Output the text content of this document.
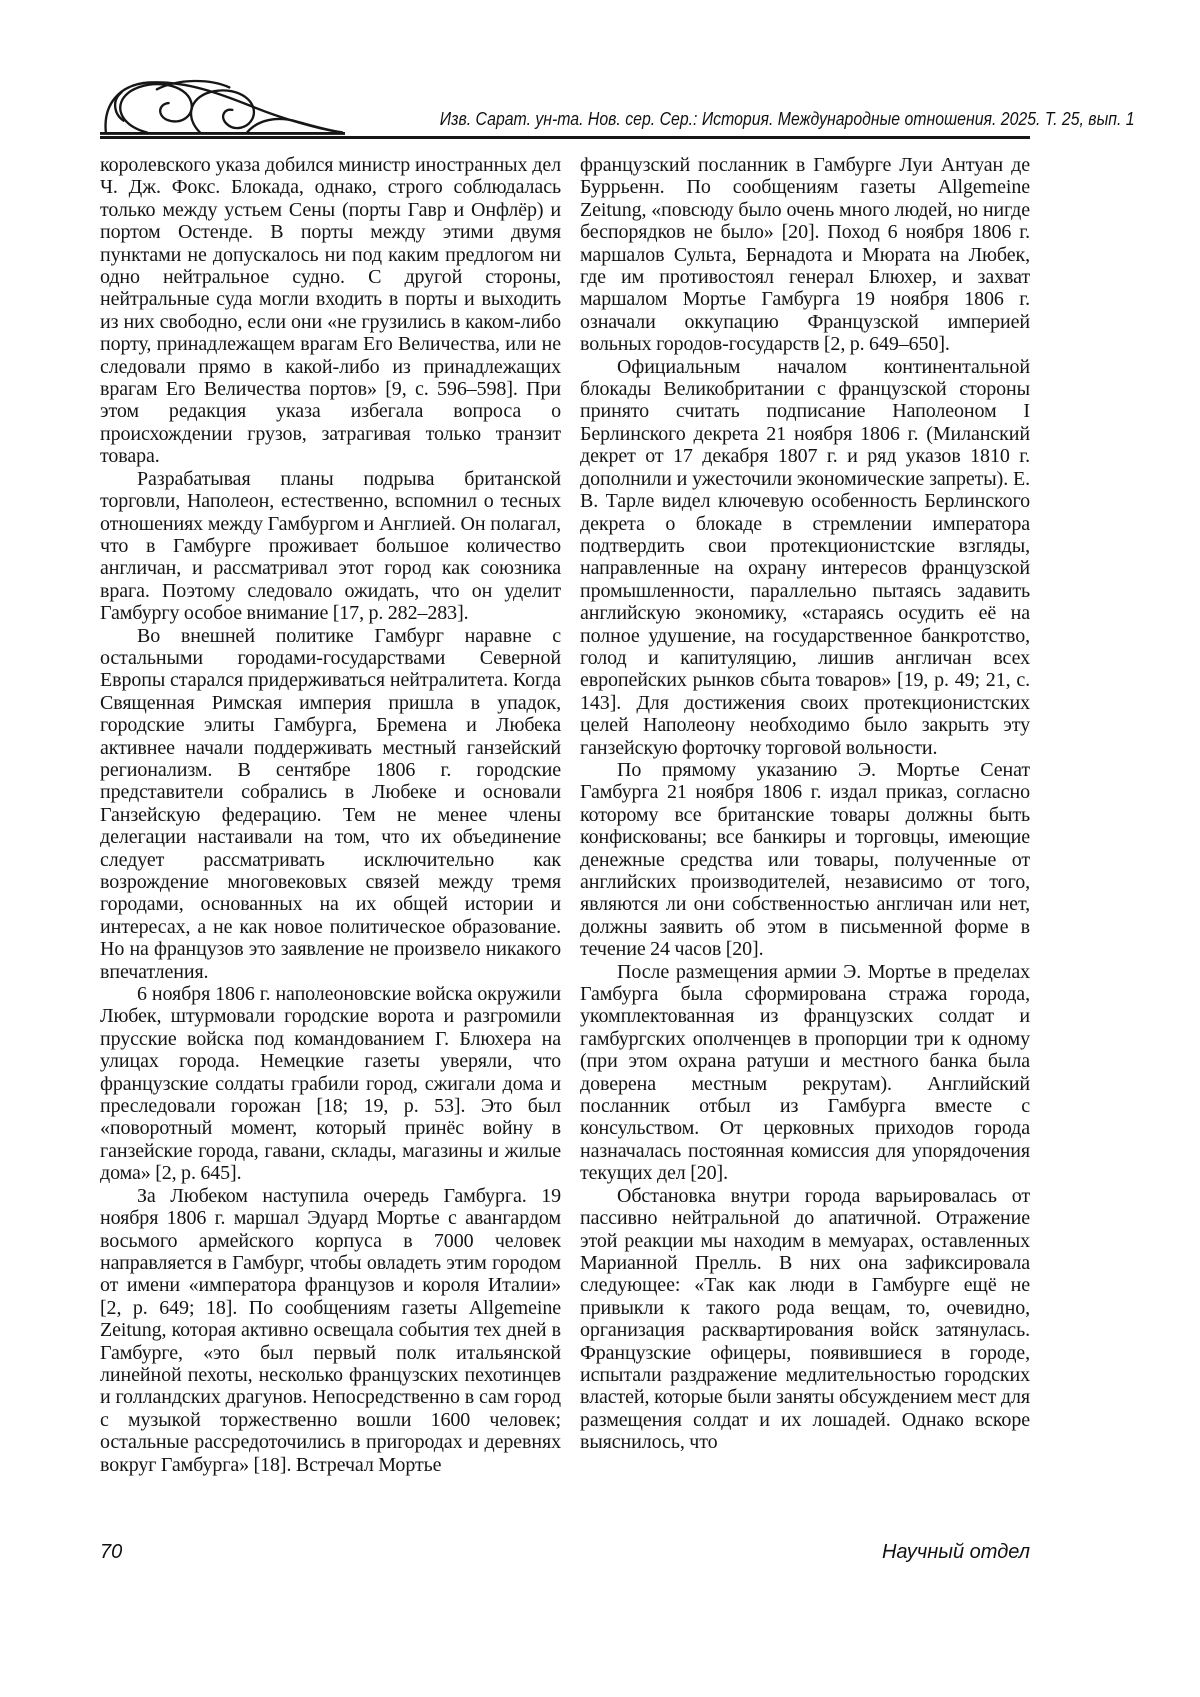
Изв. Сарат. ун-та. Нов. сер. Сер.: История. Международные отношения. 2025. Т. 25, вып. 1

королевского указа добился министр иностранных дел Ч. Дж. Фокс. Блокада, однако, строго соблюдалась только между устьем Сены (порты Гавр и Онфлёр) и портом Остенде. В порты между этими двумя пунктами не допускалось ни под каким предлогом ни одно нейтральное судно. С другой стороны, нейтральные суда могли входить в порты и выходить из них свободно, если они «не грузились в каком-либо порту, принадлежащем врагам Его Величества, или не следовали прямо в какой-либо из принадлежащих врагам Его Величества портов» [9, с. 596–598]. При этом редакция указа избегала вопроса о происхождении грузов, затрагивая только транзит товара.

Разрабатывая планы подрыва британской торговли, Наполеон, естественно, вспомнил о тесных отношениях между Гамбургом и Англией. Он полагал, что в Гамбурге проживает большое количество англичан, и рассматривал этот город как союзника врага. Поэтому следовало ожидать, что он уделит Гамбургу особое внимание [17, p. 282–283].

Во внешней политике Гамбург наравне с остальными городами-государствами Северной Европы старался придерживаться нейтралитета. Когда Священная Римская империя пришла в упадок, городские элиты Гамбурга, Бремена и Любека активнее начали поддерживать местный ганзейский регионализм. В сентябре 1806 г. городские представители собрались в Любеке и основали Ганзейскую федерацию. Тем не менее члены делегации настаивали на том, что их объединение следует рассматривать исключительно как возрождение многовековых связей между тремя городами, основанных на их общей истории и интересах, а не как новое политическое образование. Но на французов это заявление не произвело никакого впечатления.

6 ноября 1806 г. наполеоновские войска окружили Любек, штурмовали городские ворота и разгромили прусские войска под командованием Г. Блюхера на улицах города. Немецкие газеты уверяли, что французские солдаты грабили город, сжигали дома и преследовали горожан [18; 19, p. 53]. Это был «поворотный момент, который принёс войну в ганзейские города, гавани, склады, магазины и жилые дома» [2, p. 645].

За Любеком наступила очередь Гамбурга. 19 ноября 1806 г. маршал Эдуард Мортье с авангардом восьмого армейского корпуса в 7000 человек направляется в Гамбург, чтобы овладеть этим городом от имени «императора французов и короля Италии» [2, p. 649; 18]. По сообщениям газеты Allgemeine Zeitung, которая активно освещала события тех дней в Гамбурге, «это был первый полк итальянской линейной пехоты, несколько французских пехотинцев и голландских драгунов. Непосредственно в сам город с музыкой торжественно вошли 1600 человек; остальные рассредоточились в пригородах и деревнях вокруг Гамбурга» [18]. Встречал Мортье

французский посланник в Гамбурге Луи Антуан де Буррьенн. По сообщениям газеты Allgemeine Zeitung, «повсюду было очень много людей, но нигде беспорядков не было» [20]. Поход 6 ноября 1806 г. маршалов Сульта, Бернадота и Мюрата на Любек, где им противостоял генерал Блюхер, и захват маршалом Мортье Гамбурга 19 ноября 1806 г. означали оккупацию Французской империей вольных городов-государств [2, p. 649–650].

Официальным началом континентальной блокады Великобритании с французской стороны принято считать подписание Наполеоном I Берлинского декрета 21 ноября 1806 г. (Миланский декрет от 17 декабря 1807 г. и ряд указов 1810 г. дополнили и ужесточили экономические запреты). Е. В. Тарле видел ключевую особенность Берлинского декрета о блокаде в стремлении императора подтвердить свои протекционистские взгляды, направленные на охрану интересов французской промышленности, параллельно пытаясь задавить английскую экономику, «стараясь осудить её на полное удушение, на государственное банкротство, голод и капитуляцию, лишив англичан всех европейских рынков сбыта товаров» [19, p. 49; 21, с. 143]. Для достижения своих протекционистских целей Наполеону необходимо было закрыть эту ганзейскую форточку торговой вольности.

По прямому указанию Э. Мортье Сенат Гамбурга 21 ноября 1806 г. издал приказ, согласно которому все британские товары должны быть конфискованы; все банкиры и торговцы, имеющие денежные средства или товары, полученные от английских производителей, независимо от того, являются ли они собственностью англичан или нет, должны заявить об этом в письменной форме в течение 24 часов [20].

После размещения армии Э. Мортье в пределах Гамбурга была сформирована стража города, укомплектованная из французских солдат и гамбургских ополченцев в пропорции три к одному (при этом охрана ратуши и местного банка была доверена местным рекрутам). Английский посланник отбыл из Гамбурга вместе с консульством. От церковных приходов города назначалась постоянная комиссия для упорядочения текущих дел [20].

Обстановка внутри города варьировалась от пассивно нейтральной до апатичной. Отражение этой реакции мы находим в мемуарах, оставленных Марианной Прелль. В них она зафиксировала следующее: «Так как люди в Гамбурге ещё не привыкли к такого рода вещам, то, очевидно, организация расквартирования войск затянулась. Французские офицеры, появившиеся в городе, испытали раздражение медлительностью городских властей, которые были заняты обсуждением мест для размещения солдат и их лошадей. Однако вскоре выяснилось, что

70	Научный отдел
